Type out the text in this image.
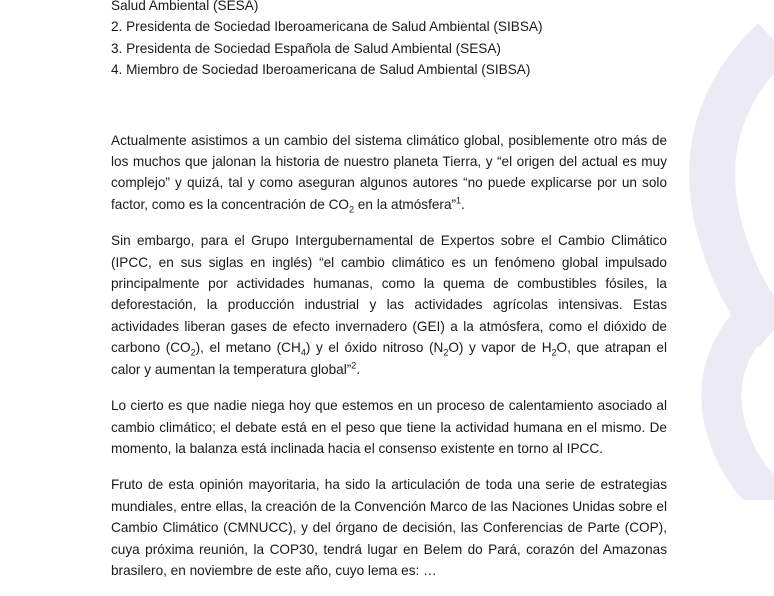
Salud Ambiental (SESA)
2. Presidenta de Sociedad Iberoamericana de Salud Ambiental (SIBSA)
3. Presidenta de Sociedad Española de Salud Ambiental (SESA)
4. Miembro de Sociedad Iberoamericana de Salud Ambiental (SIBSA)

Actualmente asistimos a un cambio del sistema climático global, posiblemente otro más de los muchos que jalonan la historia de nuestro planeta Tierra, y “el origen del actual es muy complejo” y quizá, tal y como aseguran algunos autores “no puede explicarse por un solo factor, como es la concentración de $CO_2$ en la atmósfera”$^1$.

Sin embargo, para el Grupo Intergubernamental de Expertos sobre el Cambio Climático (IPCC, en sus siglas en inglés) “el cambio climático es un fenómeno global impulsado principalmente por actividades humanas, como la quema de combustibles fósiles, la deforestación, la producción industrial y las actividades agrícolas intensivas. Estas actividades liberan gases de efecto invernadero (GEI) a la atmósfera, como el dióxido de carbono $(CO_2)$, el metano $(CH_4)$ y el óxido nitroso $(N_2O)$ y vapor de $H_2O$, que atrapan el calor y aumentan la temperatura global”$^2$.

Lo cierto es que nadie niega hoy que estemos en un proceso de calentamiento asociado al cambio climático; el debate está en el peso que tiene la actividad humana en el mismo. De momento, la balanza está inclinada hacia el consenso existente en torno al IPCC.

Fruto de esta opinión mayoritaria, ha sido la articulación de toda una serie de estrategias mundiales, entre ellas, la creación de la Convención Marco de las Naciones Unidas sobre el Cambio Climático (CMNUCC), y del órgano de decisión, las Conferencias de Parte (COP), cuya próxima reunión, la COP30, tendrá lugar en Belem do Pará, corazón del Amazonas brasilero, en noviembre de este año, cuyo lema es: …
